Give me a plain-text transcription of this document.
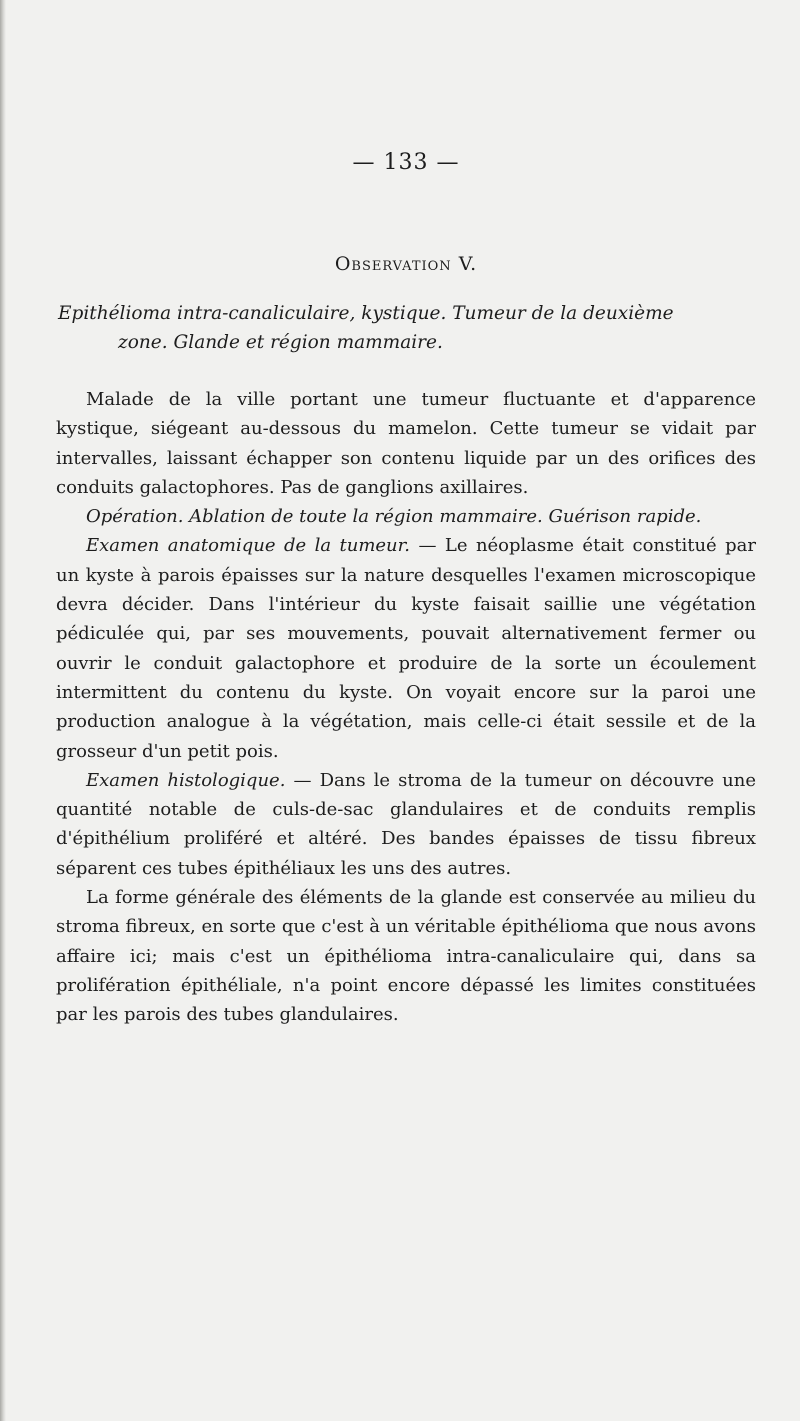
— 133 —
Observation V.
Epithélioma intra-canaliculaire, kystique. Tumeur de la deuxième
zone. Glande et région mammaire.

Malade de la ville portant une tumeur fluctuante et d'apparence kystique, siégeant au-dessous du mamelon. Cette tumeur se vidait par intervalles, laissant échapper son contenu liquide par un des orifices des conduits galactophores. Pas de ganglions axillaires.

Opération. Ablation de toute la région mammaire. Guérison rapide.

Examen anatomique de la tumeur. — Le néoplasme était constitué par un kyste à parois épaisses sur la nature desquelles l'examen microscopique devra décider. Dans l'intérieur du kyste faisait saillie une végétation pédiculée qui, par ses mouvements, pouvait alternativement fermer ou ouvrir le conduit galactophore et produire de la sorte un écoulement intermittent du contenu du kyste. On voyait encore sur la paroi une production analogue à la végétation, mais celle-ci était sessile et de la grosseur d'un petit pois.

Examen histologique. — Dans le stroma de la tumeur on découvre une quantité notable de culs-de-sac glandulaires et de conduits remplis d'épithélium proliféré et altéré. Des bandes épaisses de tissu fibreux séparent ces tubes épithéliaux les uns des autres.

La forme générale des éléments de la glande est conservée au milieu du stroma fibreux, en sorte que c'est à un véritable épithélioma que nous avons affaire ici; mais c'est un épithélioma intra-canaliculaire qui, dans sa prolifération épithéliale, n'a point encore dépassé les limites constituées par les parois des tubes glandulaires.
